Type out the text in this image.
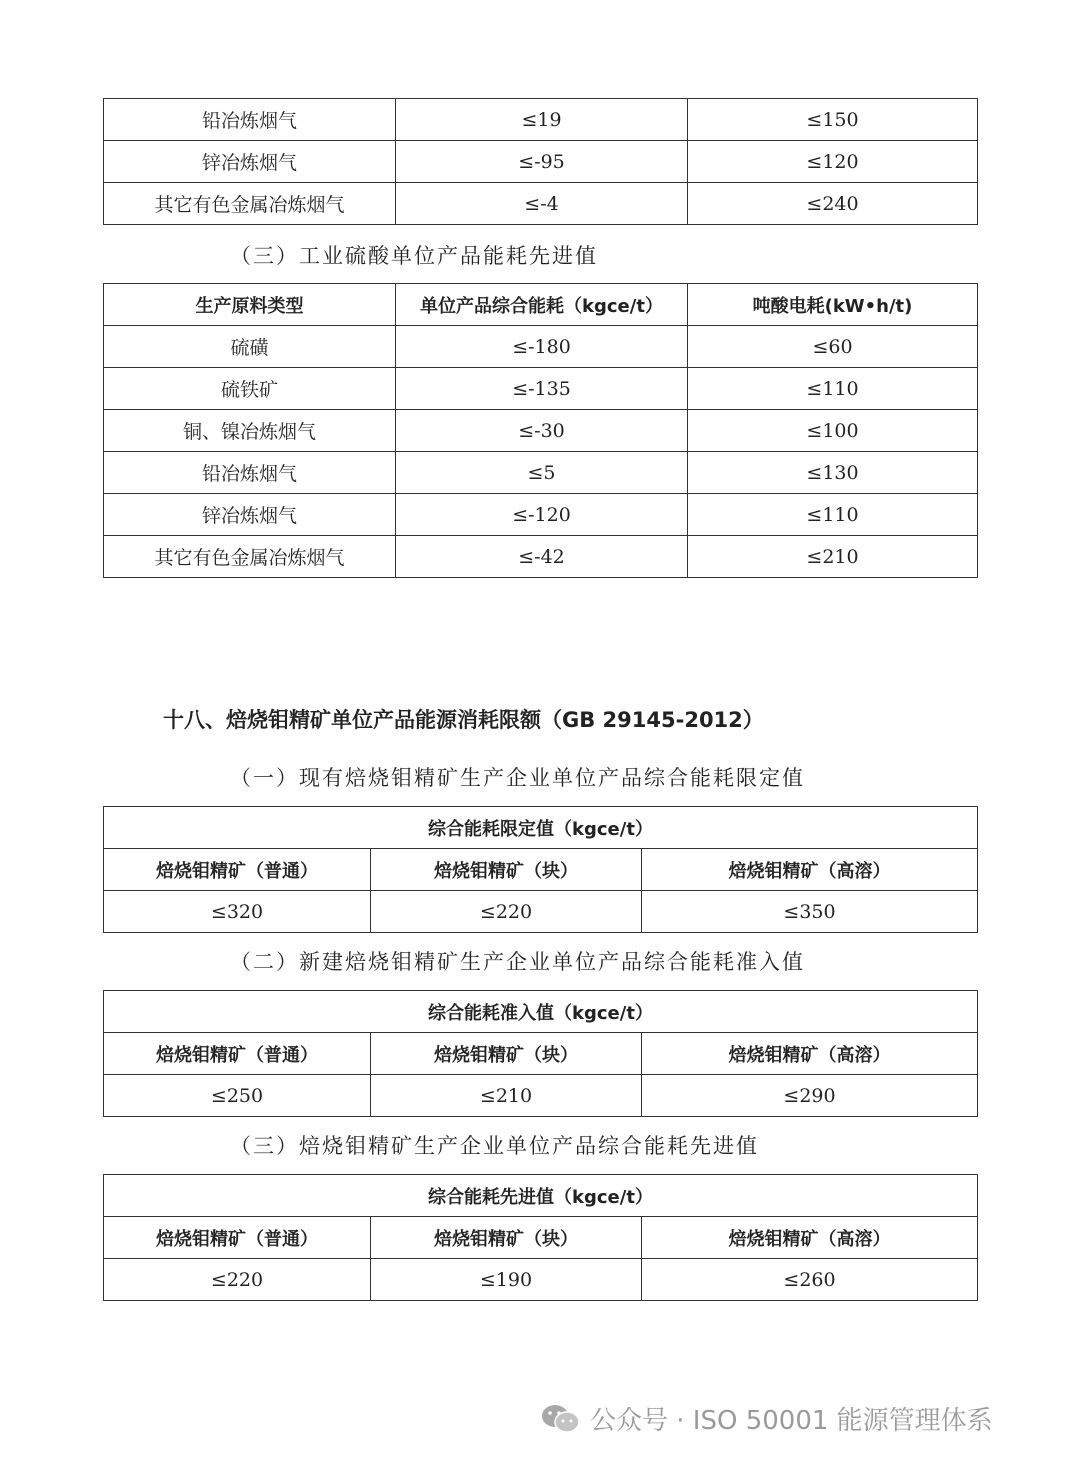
铅冶炼烟气	≤19	≤150
锌冶炼烟气	≤-95	≤120
其它有色金属冶炼烟气	≤-4	≤240
（三）工业硫酸单位产品能耗先进值
生产原料类型	单位产品综合能耗（kgce/t）	吨酸电耗(kW•h/t)
硫磺	≤-180	≤60
硫铁矿	≤-135	≤110
铜、镍冶炼烟气	≤-30	≤100
铅冶炼烟气	≤5	≤130
锌冶炼烟气	≤-120	≤110
其它有色金属冶炼烟气	≤-42	≤210
十八、焙烧钼精矿单位产品能源消耗限额（GB 29145-2012）
（一）现有焙烧钼精矿生产企业单位产品综合能耗限定值
综合能耗限定值（kgce/t）		
焙烧钼精矿（普通）	焙烧钼精矿（块）	焙烧钼精矿（高溶）
≤320	≤220	≤350
（二）新建焙烧钼精矿生产企业单位产品综合能耗准入值
综合能耗准入值（kgce/t）		
焙烧钼精矿（普通）	焙烧钼精矿（块）	焙烧钼精矿（高溶）
≤250	≤210	≤290
（三）焙烧钼精矿生产企业单位产品综合能耗先进值
综合能耗先进值（kgce/t）		
焙烧钼精矿（普通）	焙烧钼精矿（块）	焙烧钼精矿（高溶）
≤220	≤190	≤260
公众号 · ISO 50001 能源管理体系
